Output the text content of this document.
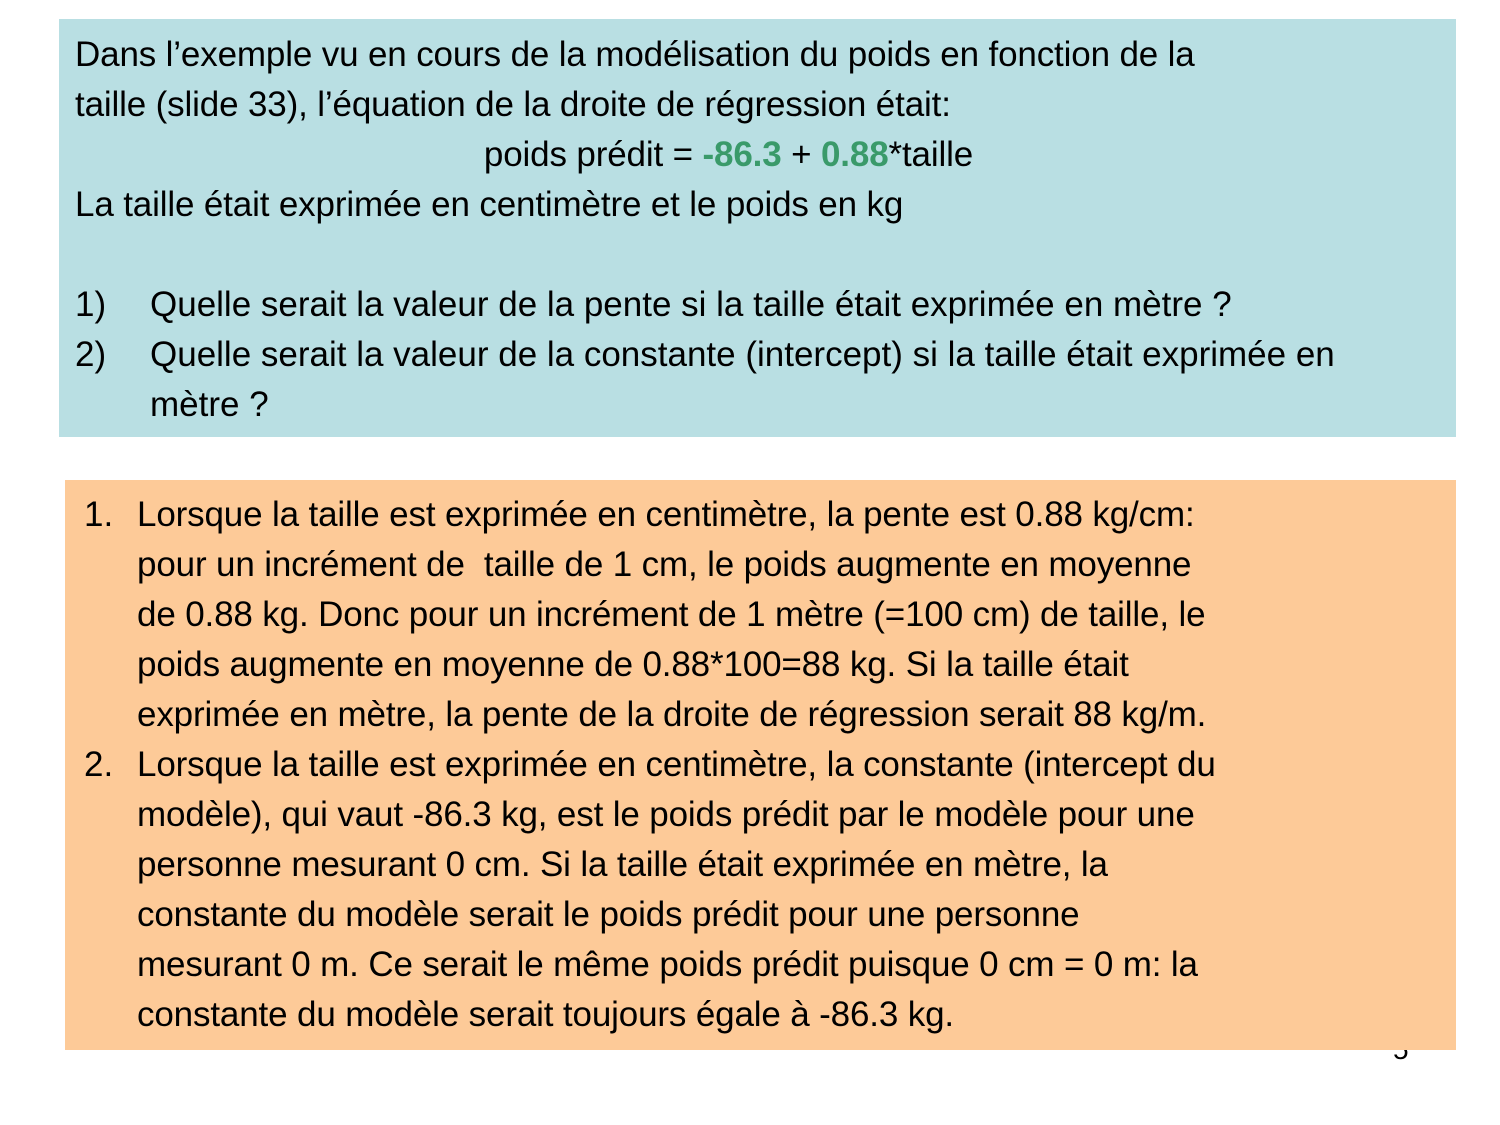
Dans l’exemple vu en cours de la modélisation du poids en fonction de la
taille (slide 33), l’équation de la droite de régression était:
poids prédit = -86.3 + 0.88*taille
La taille était exprimée en centimètre et le poids en kg
1)	Quelle serait la valeur de la pente si la taille était exprimée en mètre ?
2)	Quelle serait la valeur de la constante (intercept) si la taille était exprimée en mètre ?
1. Lorsque la taille est exprimée en centimètre, la pente est 0.88 kg/cm:
pour un incrément de  taille de 1 cm, le poids augmente en moyenne
de 0.88 kg. Donc pour un incrément de 1 mètre (=100 cm) de taille, le
poids augmente en moyenne de 0.88*100=88 kg. Si la taille était
exprimée en mètre, la pente de la droite de régression serait 88 kg/m.
2. Lorsque la taille est exprimée en centimètre, la constante (intercept du
modèle), qui vaut -86.3 kg, est le poids prédit par le modèle pour une
personne mesurant 0 cm. Si la taille était exprimée en mètre, la
constante du modèle serait le poids prédit pour une personne
mesurant 0 m. Ce serait le même poids prédit puisque 0 cm = 0 m: la
constante du modèle serait toujours égale à -86.3 kg.
